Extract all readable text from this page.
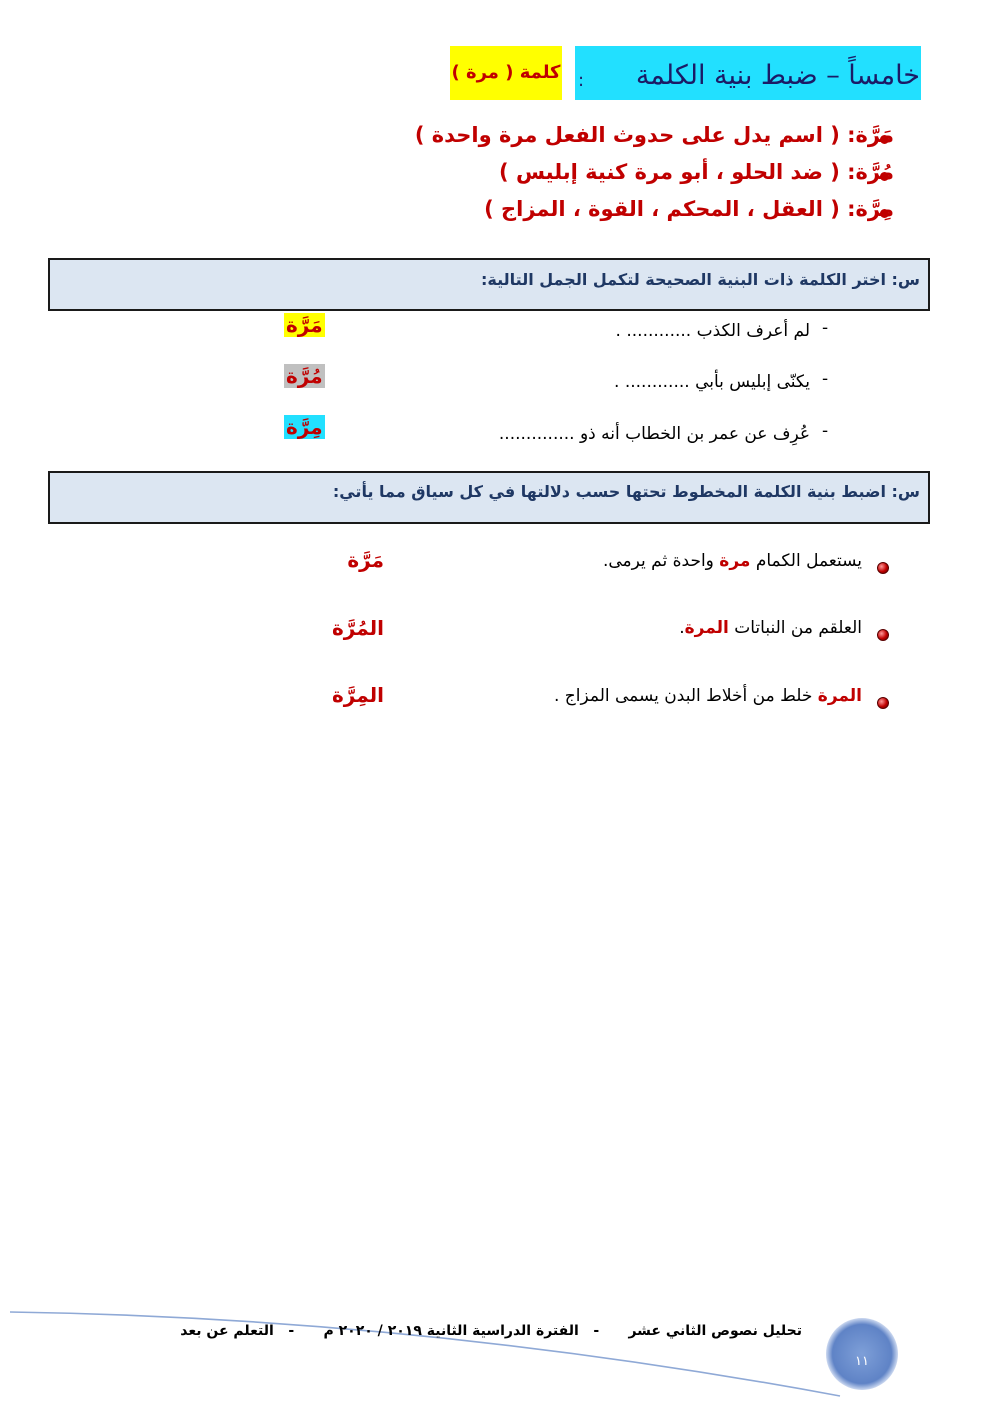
خامساً – ضبط بنية الكلمة
:
كلمة ( مرة )
مَرَّة: ( اسم يدل على حدوث الفعل مرة واحدة )
مُرَّة: ( ضد الحلو ، أبو مرة كنية إبليس )
مِرَّة: ( العقل ، المحكم ، القوة ، المزاج )
س: اختر الكلمة ذات البنية الصحيحة لتكمل الجمل التالية:
-
لم أعرف الكذب ............ .
مَرَّة
-
يكنّى إبليس بأبي ............ .
مُرَّة
-
عُرِف عن عمر بن الخطاب أنه ذو ..............
مِرَّة
س: اضبط بنية الكلمة المخطوط تحتها حسب دلالتها في كل سياق مما يأتي:
يستعمل الكمام مرة واحدة ثم يرمى.
مَرَّة
العلقم من النباتات المرة.
المُرَّة
المرة خلط من أخلاط البدن يسمى المزاج .
المِرَّة
تحليل نصوص الثاني عشر      -   الفترة الدراسية الثانية ٢٠١٩ / ٢٠٢٠ م      -   التعلم عن بعد
١١
